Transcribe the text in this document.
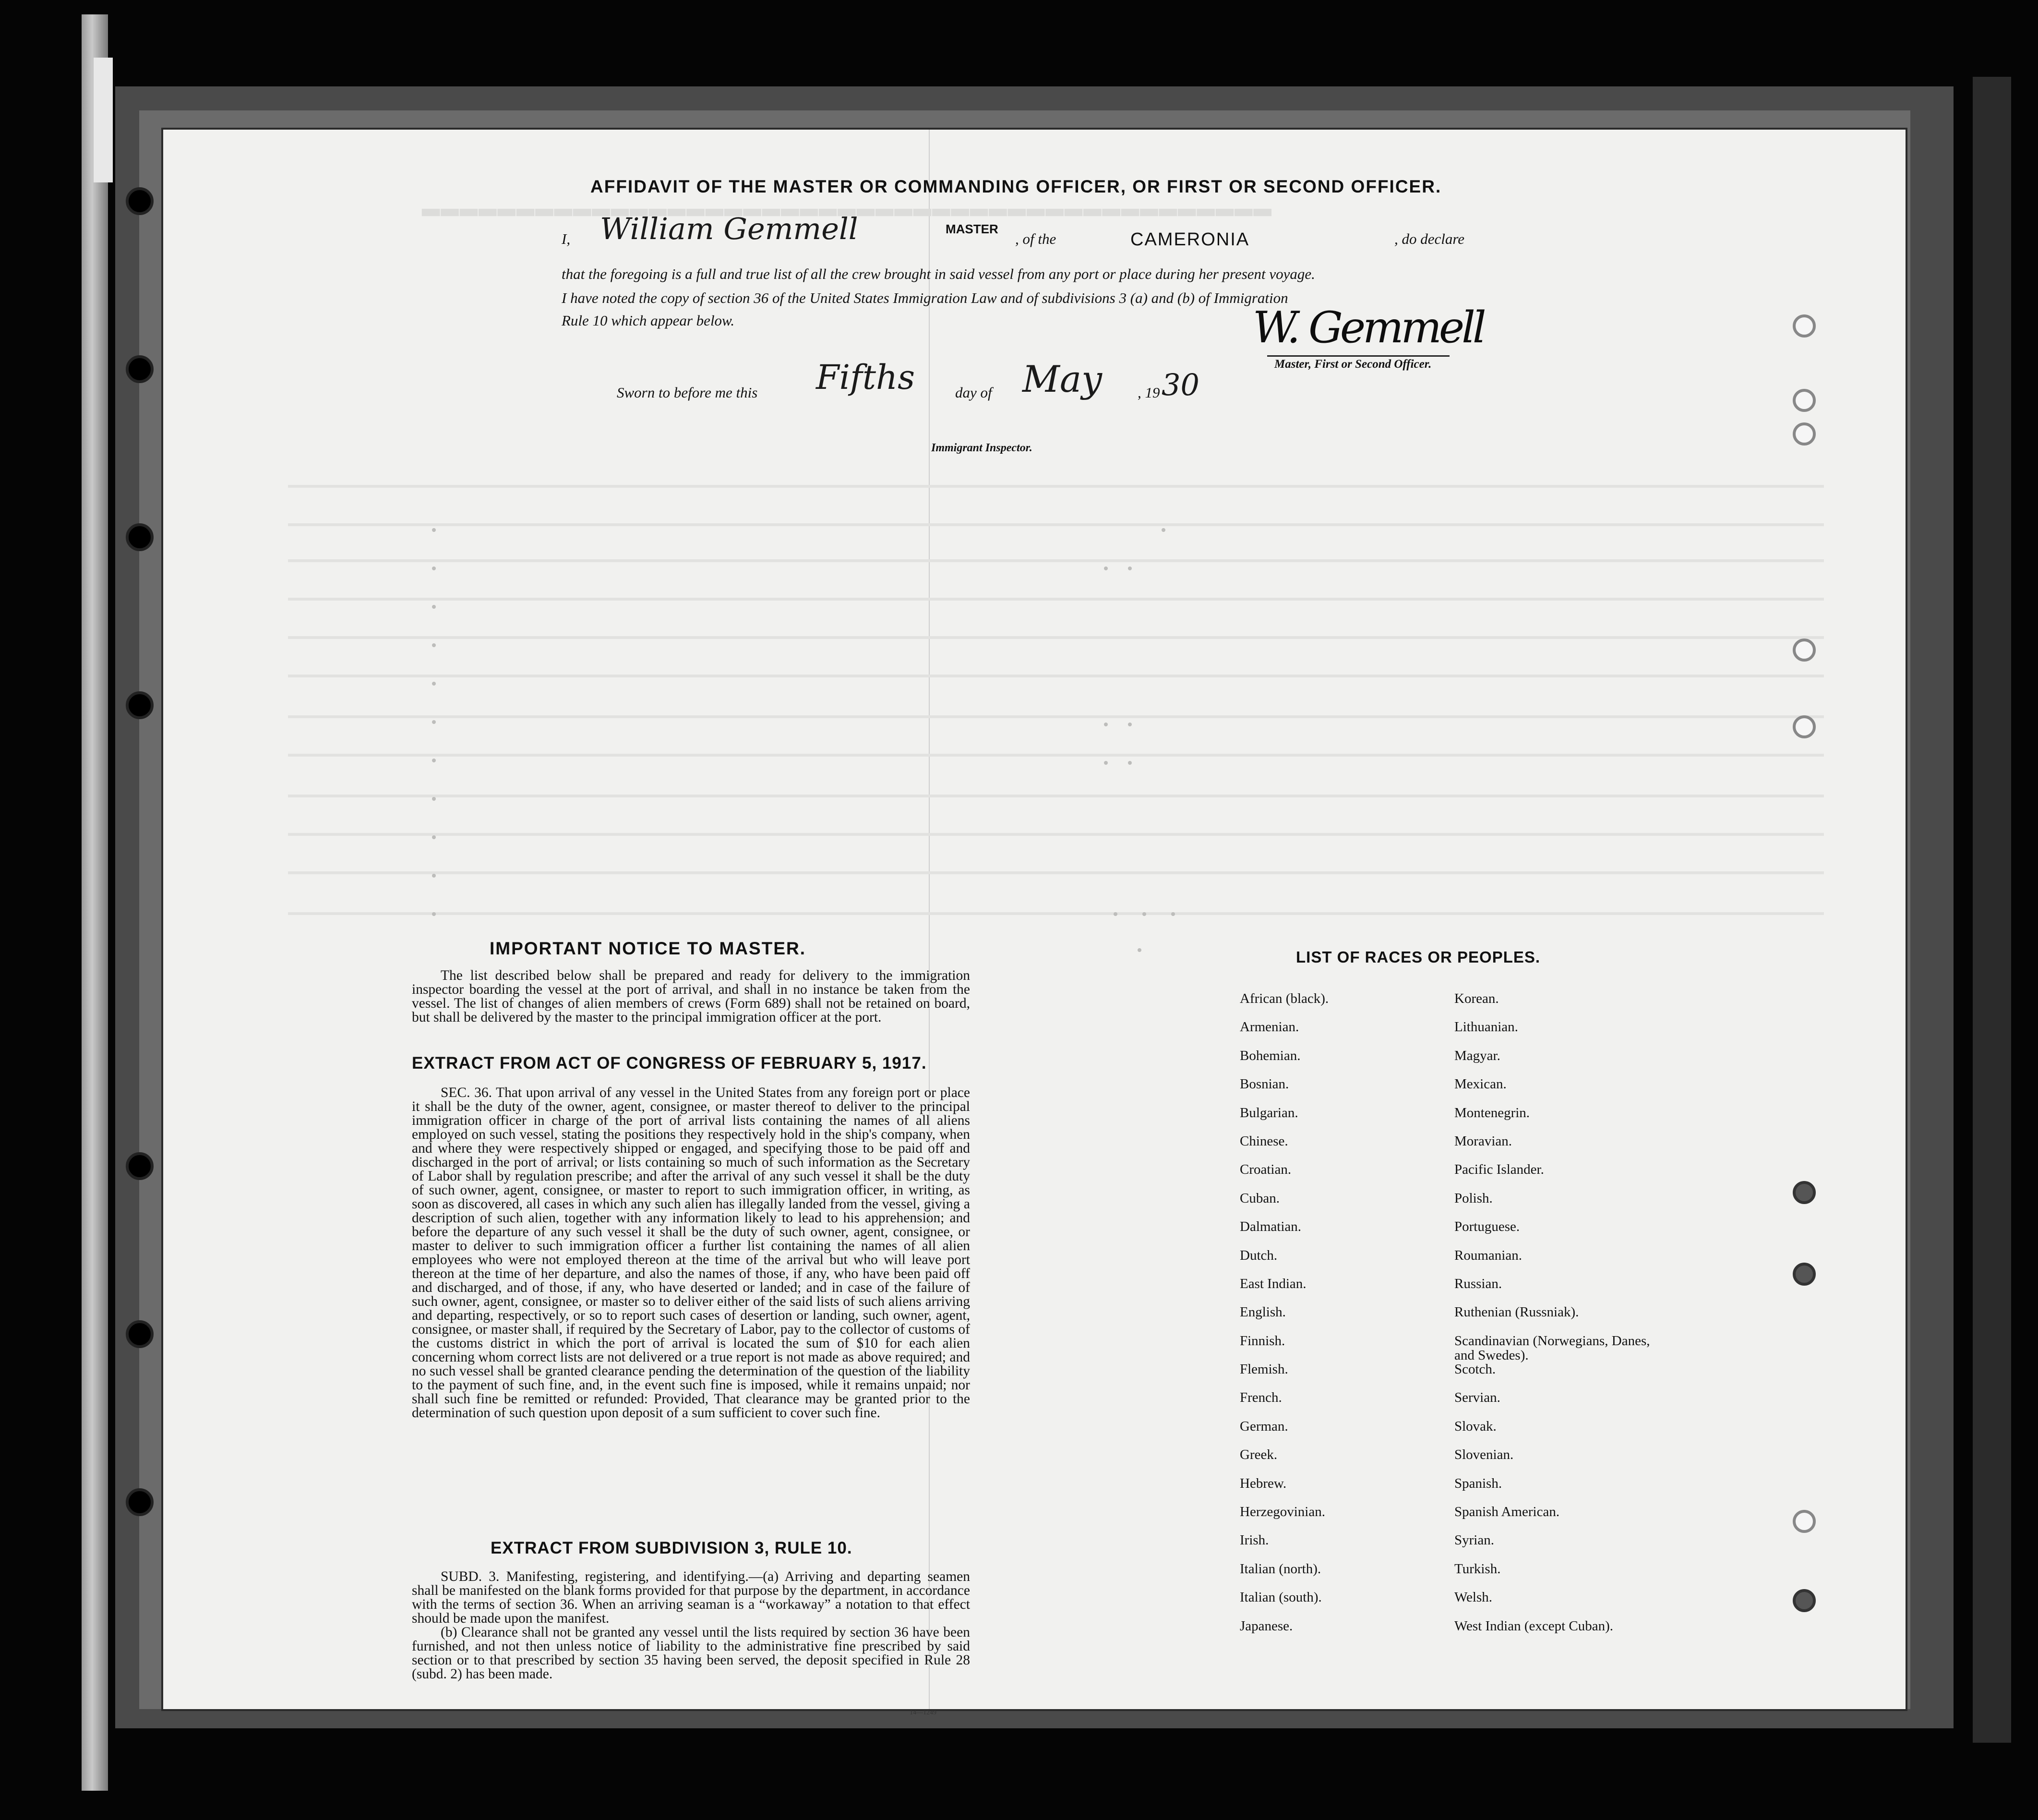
▂▂▂▂▂▂▂▂▂▂▂▂▂▂▂▂▂▂▂▂▂▂▂▂▂▂▂▂▂▂▂▂▂▂▂▂▂▂▂▂▂▂▂▂▂
AFFIDAVIT OF THE MASTER OR COMMANDING OFFICER, OR FIRST OR SECOND OFFICER.
I, William Gemmell	MASTER
, of the	CAMERONIA	, do declare
that the foregoing is a full and true list of all the crew brought in said vessel from any port or place during her present voyage.
I have noted the copy of section 36 of the United States Immigration Law and of subdivisions 3 (a) and (b) of Immigration
Rule 10 which appear below.	W. Gemmell
Master, First or Second Officer.
Sworn to before me this Fifths	day of May , 19 30
Immigrant Inspector.
IMPORTANT NOTICE TO MASTER.

The list described below shall be prepared and ready for delivery to the immigration inspector boarding the vessel at the port of arrival, and shall in no instance be taken from the vessel. The list of changes of alien members of crews (Form 689) shall not be retained on board, but shall be delivered by the master to the principal immigration officer at the port.

EXTRACT FROM ACT OF CONGRESS OF FEBRUARY 5, 1917.

SEC. 36. That upon arrival of any vessel in the United States from any foreign port or place it shall be the duty of the owner, agent, consignee, or master thereof to deliver to the principal immigration officer in charge of the port of arrival lists containing the names of all aliens employed on such vessel, stating the positions they respectively hold in the ship's company, when and where they were respectively shipped or engaged, and specifying those to be paid off and discharged in the port of arrival; or lists containing so much of such information as the Secretary of Labor shall by regulation prescribe; and after the arrival of any such vessel it shall be the duty of such owner, agent, consignee, or master to report to such immigration officer, in writing, as soon as discovered, all cases in which any such alien has illegally landed from the vessel, giving a description of such alien, together with any information likely to lead to his apprehension; and before the departure of any such vessel it shall be the duty of such owner, agent, consignee, or master to deliver to such immigration officer a further list containing the names of all alien employees who were not employed thereon at the time of the arrival but who will leave port thereon at the time of her departure, and also the names of those, if any, who have been paid off and discharged, and of those, if any, who have deserted or landed; and in case of the failure of such owner, agent, consignee, or master so to deliver either of the said lists of such aliens arriving and departing, respectively, or so to report such cases of desertion or landing, such owner, agent, consignee, or master shall, if required by the Secretary of Labor, pay to the collector of customs of the customs district in which the port of arrival is located the sum of $10 for each alien concerning whom correct lists are not delivered or a true report is not made as above required; and no such vessel shall be granted clearance pending the determination of the question of the liability to the payment of such fine, and, in the event such fine is imposed, while it remains unpaid; nor shall such fine be remitted or refunded: Provided, That clearance may be granted prior to the determination of such question upon deposit of a sum sufficient to cover such fine.

EXTRACT FROM SUBDIVISION 3, RULE 10.

SUBD. 3. Manifesting, registering, and identifying.—(a) Arriving and departing seamen shall be manifested on the blank forms provided for that purpose by the department, in accordance with the terms of section 36. When an arriving seaman is a “workaway” a notation to that effect should be made upon the manifest.

(b) Clearance shall not be granted any vessel until the lists required by section 36 have been furnished, and not then unless notice of liability to the administrative fine prescribed by said section or to that prescribed by section 35 having been served, the deposit specified in Rule 28 (subd. 2) has been made.

14—1249
LIST OF RACES OR PEOPLES.
African (black).
Armenian.
Bohemian.
Bosnian.
Bulgarian.
Chinese.
Croatian.
Cuban.
Dalmatian.
Dutch.
East Indian.
English.
Finnish.
Flemish.
French.
German.
Greek.
Hebrew.
Herzegovinian.
Irish.
Italian (north).
Italian (south).
Japanese.
Korean.
Lithuanian.
Magyar.
Mexican.
Montenegrin.
Moravian.
Pacific Islander.
Polish.
Portuguese.
Roumanian.
Russian.
Ruthenian (Russniak).
Scandinavian (Norwegians, Danes, and Swedes).
Scotch.
Servian.
Slovak.
Slovenian.
Spanish.
Spanish American.
Syrian.
Turkish.
Welsh.
West Indian (except Cuban).
